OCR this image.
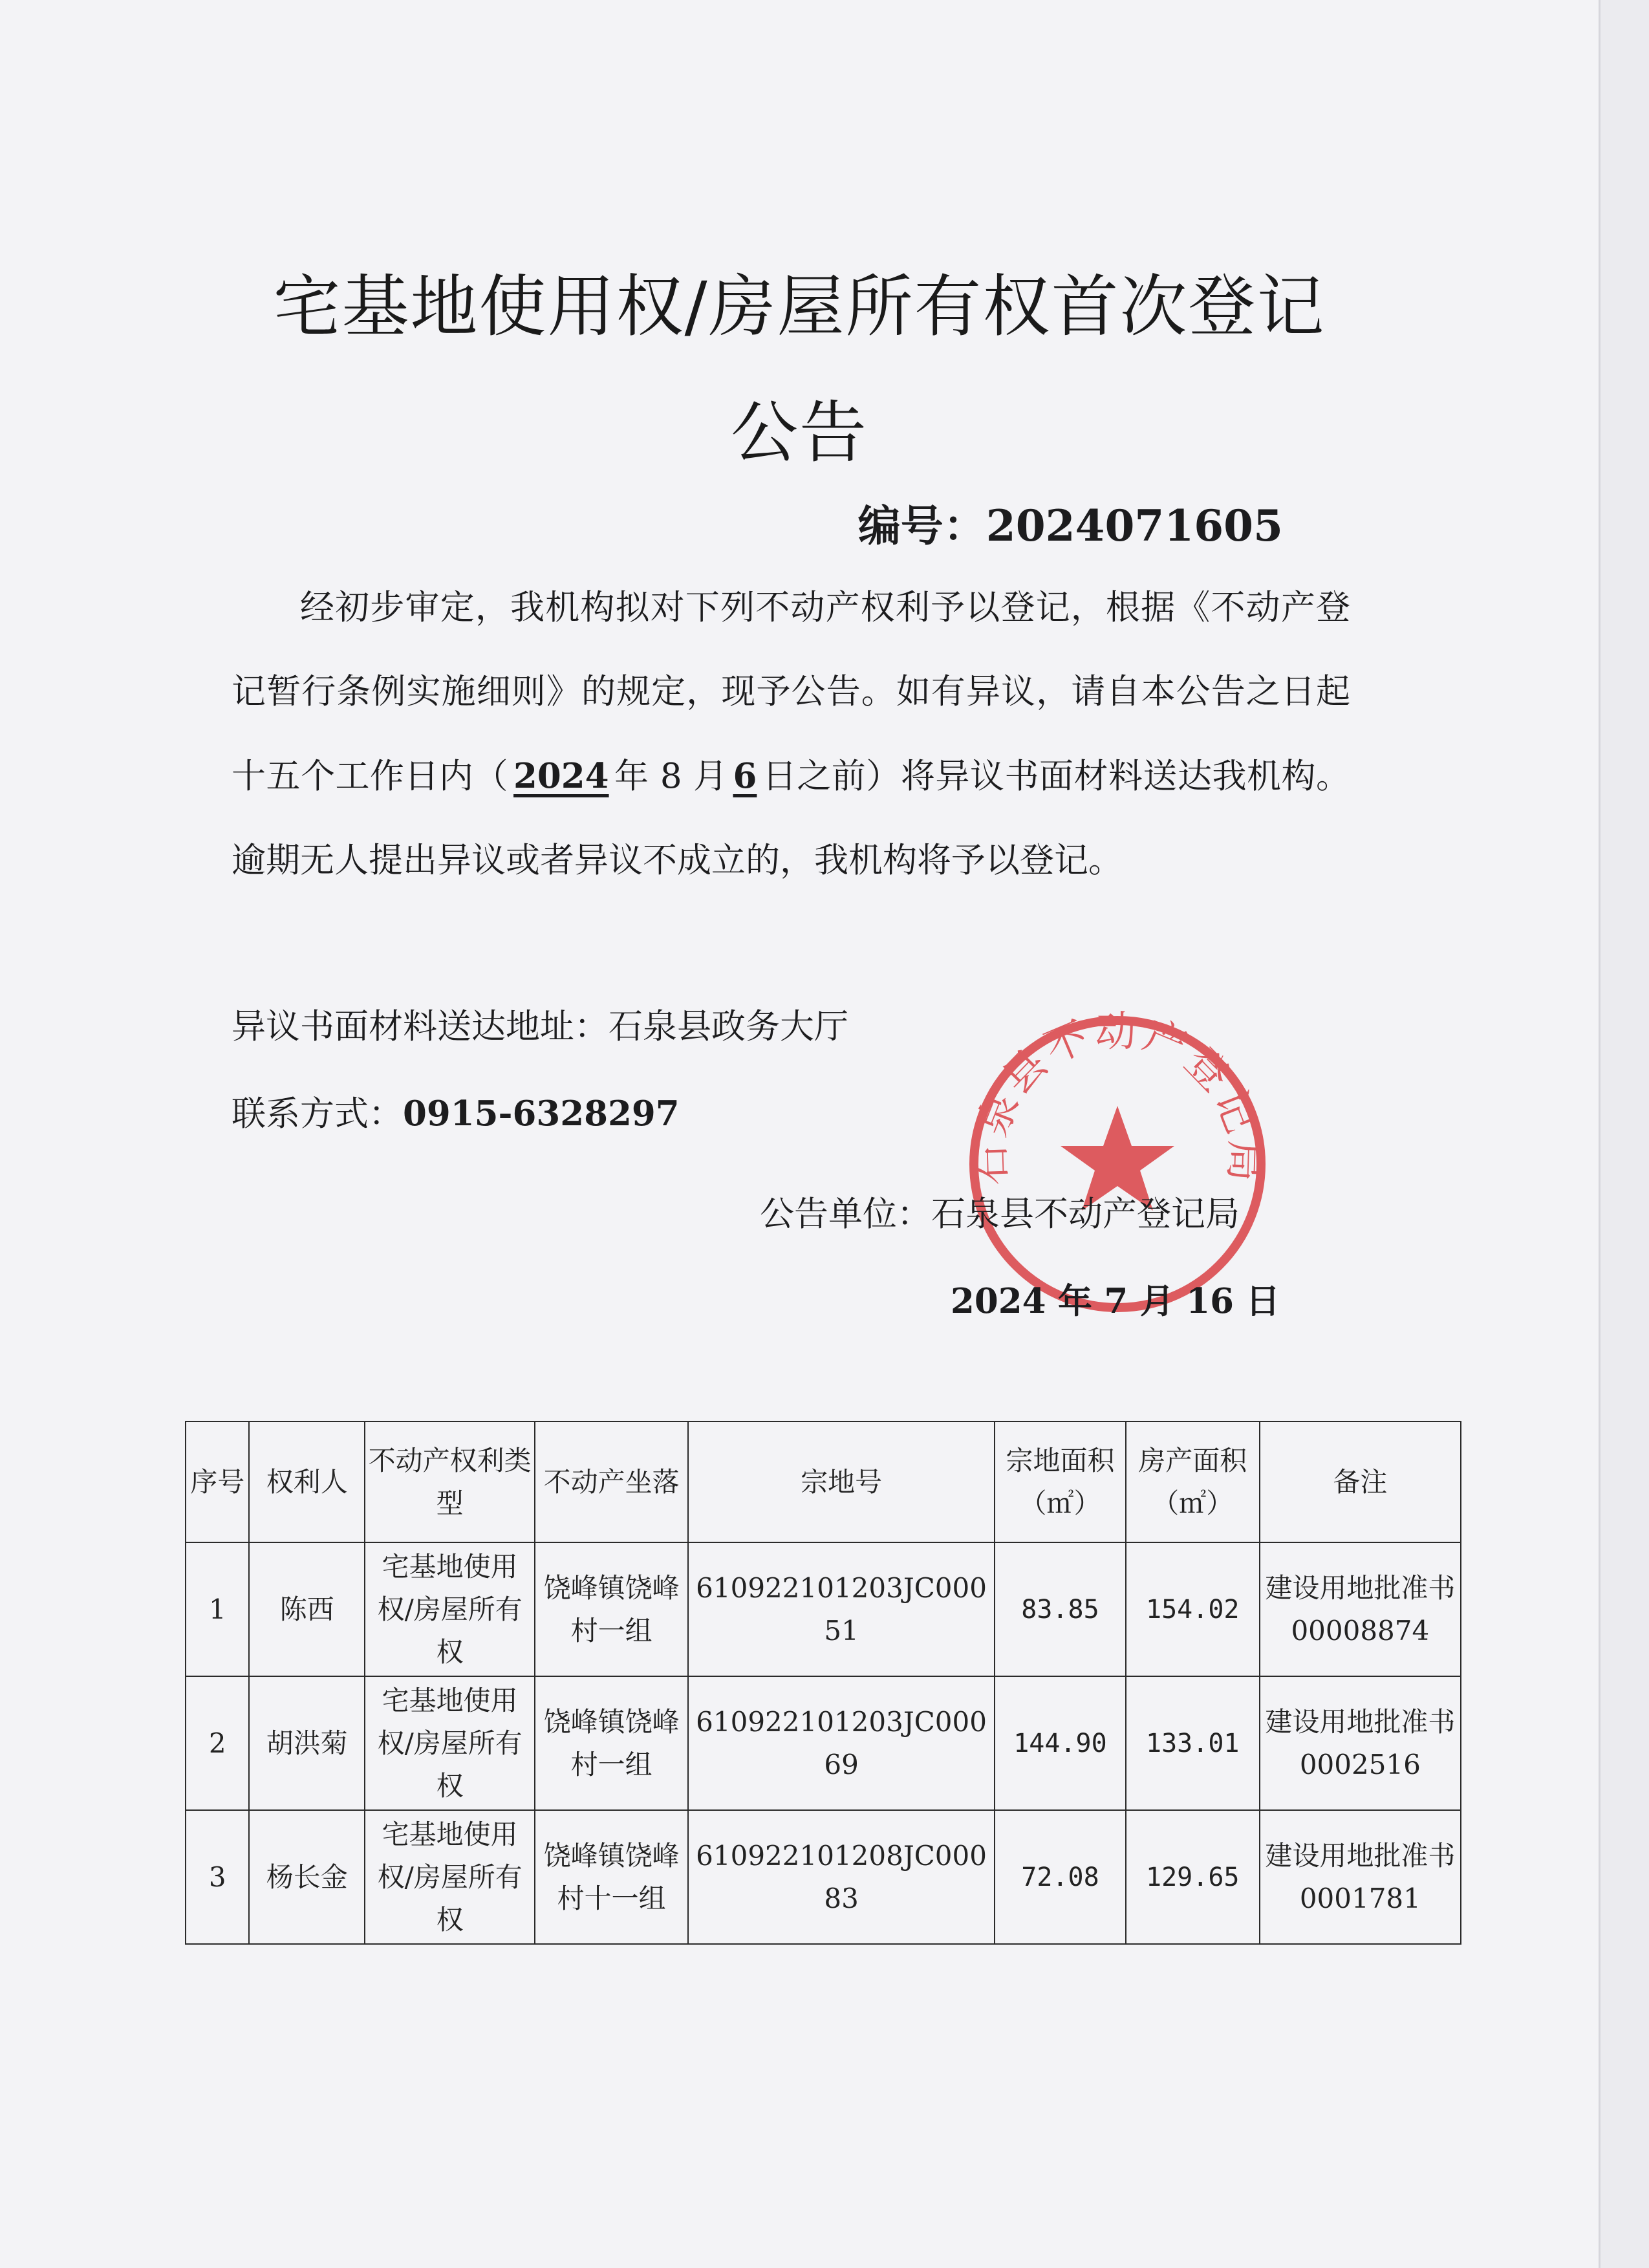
宅基地使用权/房屋所有权首次登记
公告
编号：2024071605
经初步审定，我机构拟对下列不动产权利予以登记，根据《不动产登记暂行条例实施细则》的规定，现予公告。如有异议，请自本公告之日起十五个工作日内（ 2024 年 8 月 6 日之前）将异议书面材料送达我机构。逾期无人提出异议或者异议不成立的，我机构将予以登记。
异议书面材料送达地址：石泉县政务大厅
联系方式：0915-6328297
石泉县不动产登记局
公告单位：石泉县不动产登记局
2024 年 7 月 16 日
序号	权利人	不动产权利类型	不动产坐落	宗地号	宗地面积（㎡）	房产面积（㎡）	备注
1	陈西	宅基地使用权/房屋所有权	饶峰镇饶峰村一组	610922101203JC00051	83.85	154.02	建设用地批准书 00008874
2	胡洪菊	宅基地使用权/房屋所有权	饶峰镇饶峰村一组	610922101203JC00069	144.90	133.01	建设用地批准书 0002516
3	杨长金	宅基地使用权/房屋所有权	饶峰镇饶峰村十一组	610922101208JC00083	72.08	129.65	建设用地批准书 0001781
